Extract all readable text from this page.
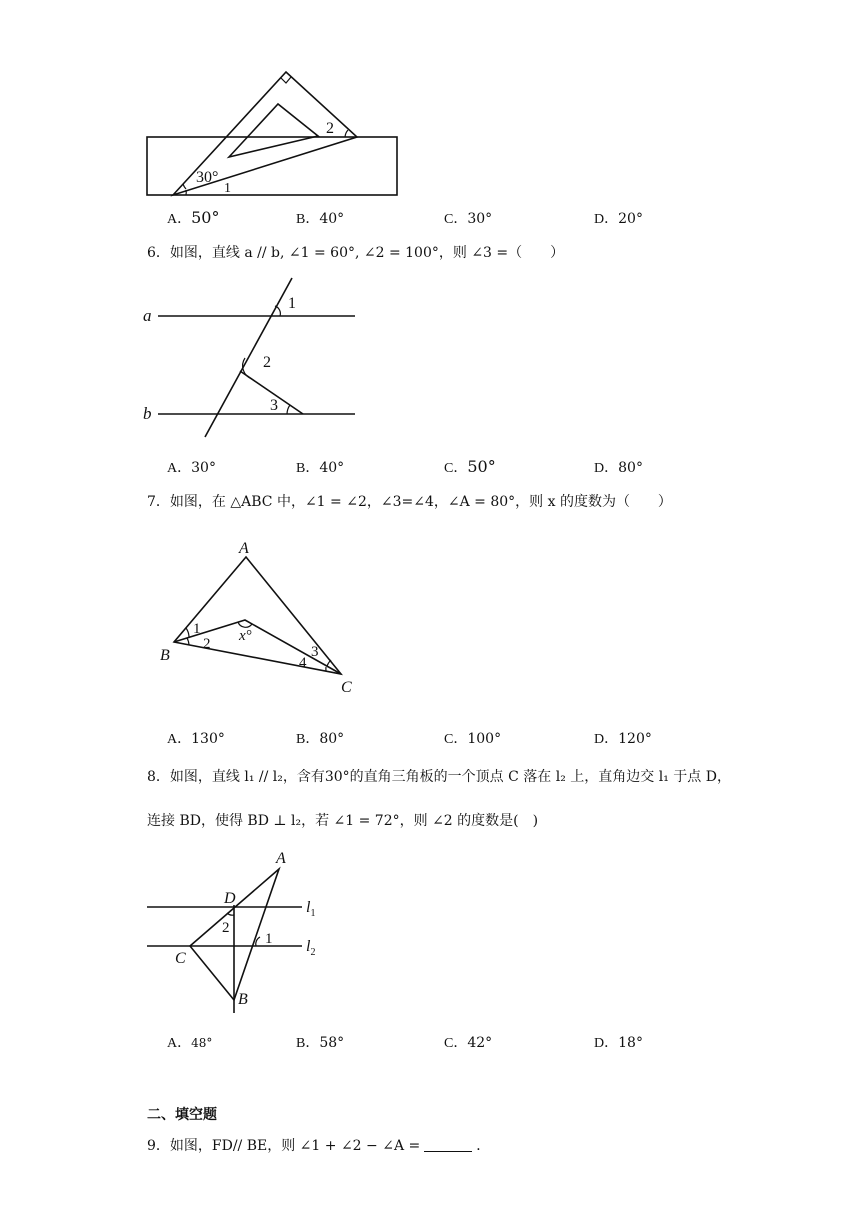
30°
1
2
A．50°	B．40°	C．30°	D．20°
6．如图，直线 a // b, ∠1 = 60°, ∠2 = 100°，则 ∠3 =（　　）
a
b
1
2
3
A．30°	B．40°	C．50°	D．80°
7．如图，在 △ABC 中，∠1 = ∠2，∠3=∠4，∠A = 80°，则 x 的度数为（　　）
A
B
C
1
2	3
4
x°
A．130°	B．80°	C．100°	D．120°
8．如图，直线 l₁ // l₂，含有30°的直角三角板的一个顶点 C 落在 l₂ 上，直角边交 l₁ 于点 D，
连接 BD，使得 BD ⊥ l₂，若 ∠1 = 72°，则 ∠2 的度数是(　)
A
D
C
B
1
2
$l_1$
$l_2$
A．48°	B．58°	C．42°	D．18°
二、填空题
9．如图，FD// BE，则 ∠1 + ∠2 − ∠A =	．
